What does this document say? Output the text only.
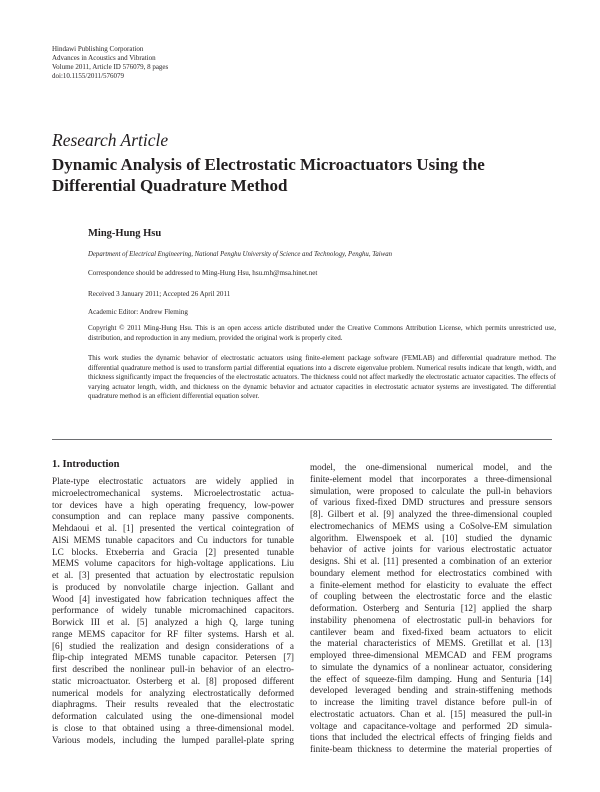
Hindawi Publishing Corporation
Advances in Acoustics and Vibration
Volume 2011, Article ID 576079, 8 pages
doi:10.1155/2011/576079
Research Article
Dynamic Analysis of Electrostatic Microactuators Using the Differential Quadrature Method
Ming-Hung Hsu
Department of Electrical Engineering, National Penghu University of Science and Technology, Penghu, Taiwan
Correspondence should be addressed to Ming-Hung Hsu, hsu.mh@msa.hinet.net
Received 3 January 2011; Accepted 26 April 2011
Academic Editor: Andrew Fleming
Copyright © 2011 Ming-Hung Hsu. This is an open access article distributed under the Creative Commons Attribution License, which permits unrestricted use, distribution, and reproduction in any medium, provided the original work is properly cited.
This work studies the dynamic behavior of electrostatic actuators using finite-element package software (FEMLAB) and differential quadrature method. The differential quadrature method is used to transform partial differential equations into a discrete eigenvalue problem. Numerical results indicate that length, width, and thickness significantly impact the frequencies of the electrostatic actuators. The thickness could not affect markedly the electrostatic actuator capacities. The effects of varying actuator length, width, and thickness on the dynamic behavior and actuator capacities in electrostatic actuator systems are investigated. The differential quadrature method is an efficient differential equation solver.
1. Introduction
Plate-type electrostatic actuators are widely applied in
microelectromechanical systems. Microelectrostatic actua-
tor devices have a high operating frequency, low-power
consumption and can replace many passive components.
Mehdaoui et al. [1] presented the vertical cointegration of
AlSi MEMS tunable capacitors and Cu inductors for tunable
LC blocks. Etxeberria and Gracia [2] presented tunable
MEMS volume capacitors for high-voltage applications. Liu
et al. [3] presented that actuation by electrostatic repulsion
is produced by nonvolatile charge injection. Gallant and
Wood [4] investigated how fabrication techniques affect the
performance of widely tunable micromachined capacitors.
Borwick III et al. [5] analyzed a high Q, large tuning
range MEMS capacitor for RF filter systems. Harsh et al.
[6] studied the realization and design considerations of a
flip-chip integrated MEMS tunable capacitor. Petersen [7]
first described the nonlinear pull-in behavior of an electro-
static microactuator. Osterberg et al. [8] proposed different
numerical models for analyzing electrostatically deformed
diaphragms. Their results revealed that the electrostatic
deformation calculated using the one-dimensional model
is close to that obtained using a three-dimensional model.
Various models, including the lumped parallel-plate spring
model, the one-dimensional numerical model, and the
finite-element model that incorporates a three-dimensional
simulation, were proposed to calculate the pull-in behaviors
of various fixed-fixed DMD structures and pressure sensors
[8]. Gilbert et al. [9] analyzed the three-dimensional coupled
electromechanics of MEMS using a CoSolve-EM simulation
algorithm. Elwenspoek et al. [10] studied the dynamic
behavior of active joints for various electrostatic actuator
designs. Shi et al. [11] presented a combination of an exterior
boundary element method for electrostatics combined with
a finite-element method for elasticity to evaluate the effect
of coupling between the electrostatic force and the elastic
deformation. Osterberg and Senturia [12] applied the sharp
instability phenomena of electrostatic pull-in behaviors for
cantilever beam and fixed-fixed beam actuators to elicit
the material characteristics of MEMS. Gretillat et al. [13]
employed three-dimensional MEMCAD and FEM programs
to simulate the dynamics of a nonlinear actuator, considering
the effect of squeeze-film damping. Hung and Senturia [14]
developed leveraged bending and strain-stiffening methods
to increase the limiting travel distance before pull-in of
electrostatic actuators. Chan et al. [15] measured the pull-in
voltage and capacitance-voltage and performed 2D simula-
tions that included the electrical effects of fringing fields and
finite-beam thickness to determine the material properties of
